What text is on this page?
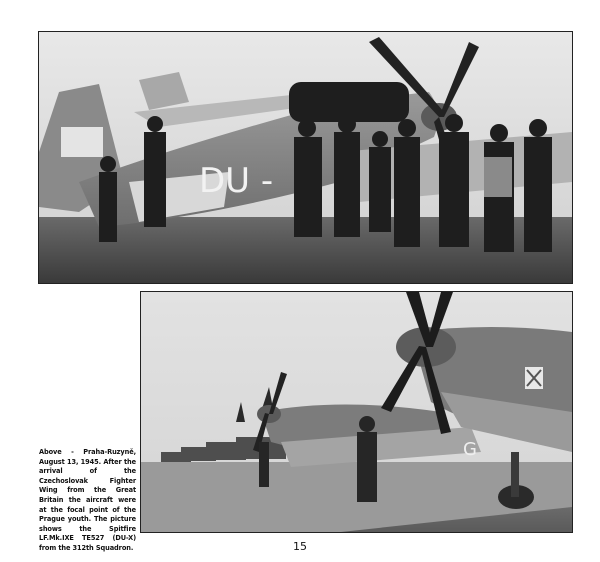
DU -
G
Above - Praha-Ruzyně, August 13, 1945. After the arrival of the Czechoslovak Fighter Wing from the Great Britain the aircraft were at the focal point of the Prague youth. The picture shows the Spitfire LF.Mk.IXE TE527 (DU-X) from the 312th Squadron.	15
